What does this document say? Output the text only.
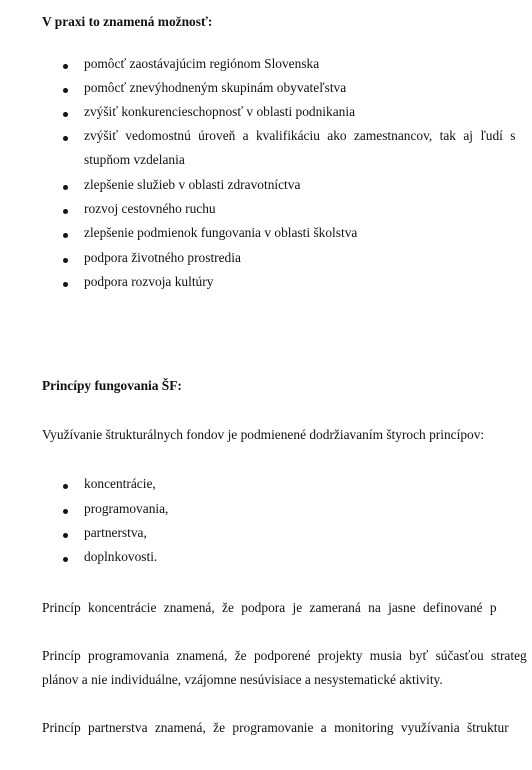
V praxi to znamená možnosť:
pomôcť zaostávajúcim regiónom Slovenska
pomôcť znevýhodneným skupinám obyvateľstva
zvýšiť konkurencieschopnosť v oblasti podnikania
zvýšiť vedomostnú úroveň a kvalifikáciu ako zamestnancov, tak aj ľudí s
stupňom vzdelania
zlepšenie služieb v oblasti zdravotníctva
rozvoj cestovného ruchu
zlepšenie podmienok fungovania v oblasti školstva
podpora životného prostredia
podpora rozvoja kultúry
Princípy fungovania ŠF:
Využívanie štrukturálnych fondov je podmienené dodržiavaním štyroch princípov:
koncentrácie,
programovania,
partnerstva,
doplnkovosti.
Princíp koncentrácie znamená, že podpora je zameraná na jasne definované p
Princíp programovania znamená, že podporené projekty musia byť súčasťou strateg
plánov a nie individuálne, vzájomne nesúvisiace a nesystematické aktivity.
Princíp partnerstva znamená, že programovanie a monitoring využívania štruktur
